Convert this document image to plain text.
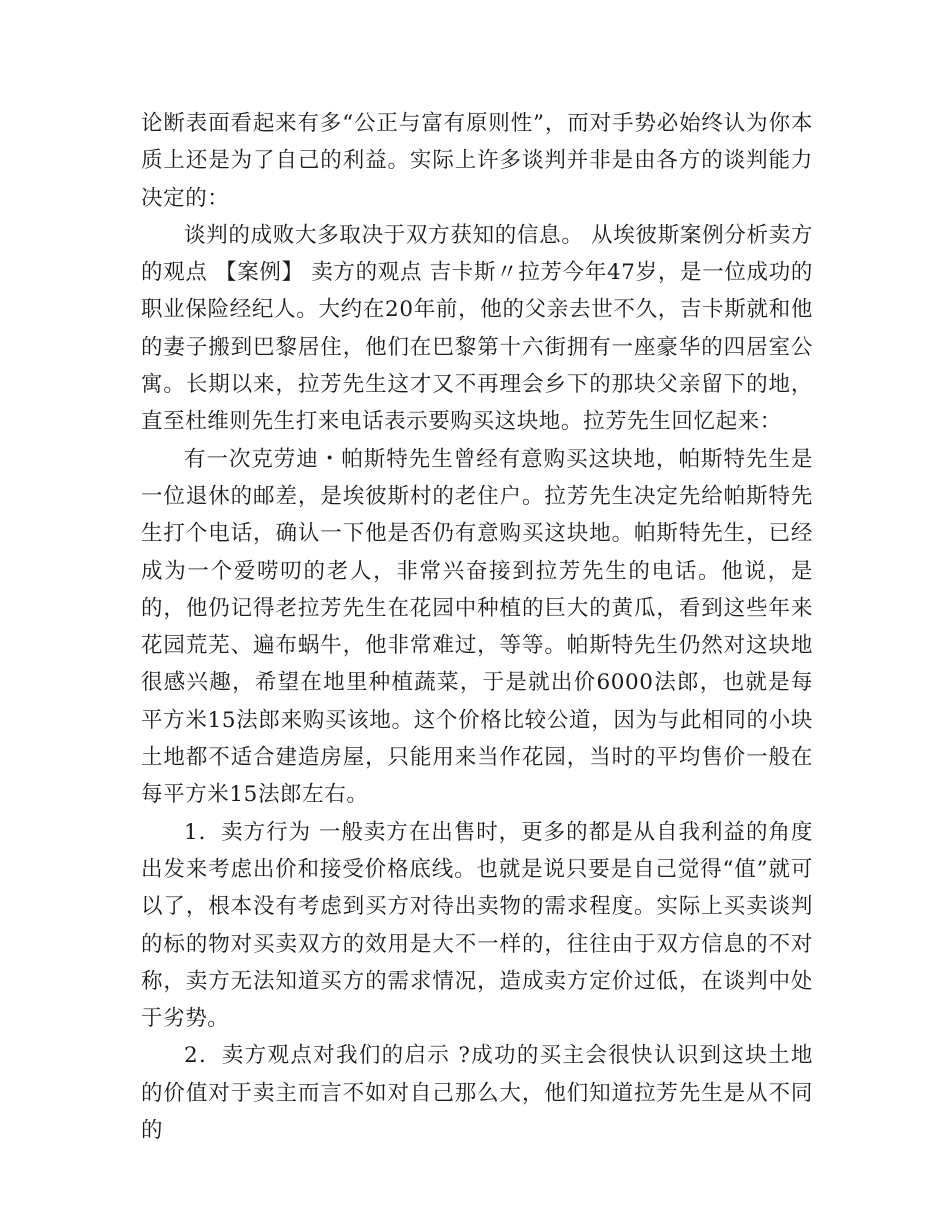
论断表面看起来有多“公正与富有原则性”，而对手势必始终认为你本质上还是为了自己的利益。实际上许多谈判并非是由各方的谈判能力决定的：

谈判的成败大多取决于双方获知的信息。 从埃彼斯案例分析卖方的观点 【案例】 卖方的观点 吉卡斯〃拉芳今年47岁，是一位成功的职业保险经纪人。大约在20年前，他的父亲去世不久，吉卡斯就和他的妻子搬到巴黎居住，他们在巴黎第十六街拥有一座豪华的四居室公寓。长期以来，拉芳先生这才又不再理会乡下的那块父亲留下的地，直至杜维则先生打来电话表示要购买这块地。拉芳先生回忆起来：

有一次克劳迪・帕斯特先生曾经有意购买这块地，帕斯特先生是一位退休的邮差，是埃彼斯村的老住户。拉芳先生决定先给帕斯特先生打个电话，确认一下他是否仍有意购买这块地。帕斯特先生，已经成为一个爱唠叨的老人，非常兴奋接到拉芳先生的电话。他说，是的，他仍记得老拉芳先生在花园中种植的巨大的黄瓜，看到这些年来花园荒芜、遍布蜗牛，他非常难过，等等。帕斯特先生仍然对这块地很感兴趣，希望在地里种植蔬菜，于是就出价6000法郎，也就是每平方米15法郎来购买该地。这个价格比较公道，因为与此相同的小块土地都不适合建造房屋，只能用来当作花园，当时的平均售价一般在每平方米15法郎左右。

1．卖方行为 一般卖方在出售时，更多的都是从自我利益的角度出发来考虑出价和接受价格底线。也就是说只要是自己觉得“值”就可以了，根本没有考虑到买方对待出卖物的需求程度。实际上买卖谈判的标的物对买卖双方的效用是大不一样的，往往由于双方信息的不对称，卖方无法知道买方的需求情况，造成卖方定价过低，在谈判中处于劣势。

2．卖方观点对我们的启示 ?成功的买主会很快认识到这块土地的价值对于卖主而言不如对自己那么大，他们知道拉芳先生是从不同的
